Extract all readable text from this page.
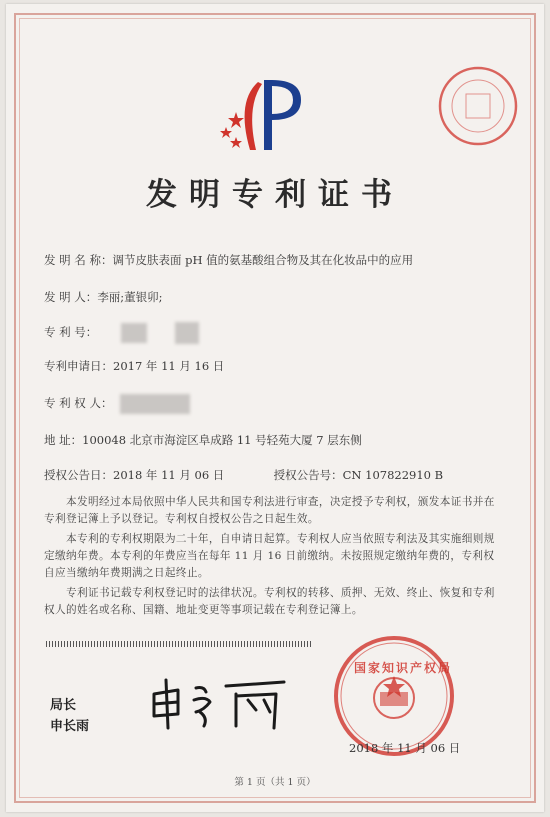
发明专利证书
发 明 名 称：调节皮肤表面 pH 值的氨基酸组合物及其在化妆品中的应用
发 明 人：李丽;董银卯;
专 利 号：
专利申请日：2017 年 11 月 16 日
专 利 权 人：
地 址：100048 北京市海淀区阜成路 11 号轻苑大厦 7 层东侧
授权公告日：2018 年 11 月 06 日	授权公告号：CN 107822910 B
本发明经过本局依照中华人民共和国专利法进行审查，决定授予专利权，颁发本证书并在专利登记簿上予以登记。专利权自授权公告之日起生效。
本专利的专利权期限为二十年，自申请日起算。专利权人应当依照专利法及其实施细则规定缴纳年费。本专利的年费应当在每年 11 月 16 日前缴纳。未按照规定缴纳年费的，专利权自应当缴纳年费期满之日起终止。
专利证书记载专利权登记时的法律状况。专利权的转移、质押、无效、终止、恢复和专利权人的姓名或名称、国籍、地址变更等事项记载在专利登记簿上。
局长
申长雨
国家知识产权局
2018 年 11 月 06 日
第 1 页（共 1 页）
